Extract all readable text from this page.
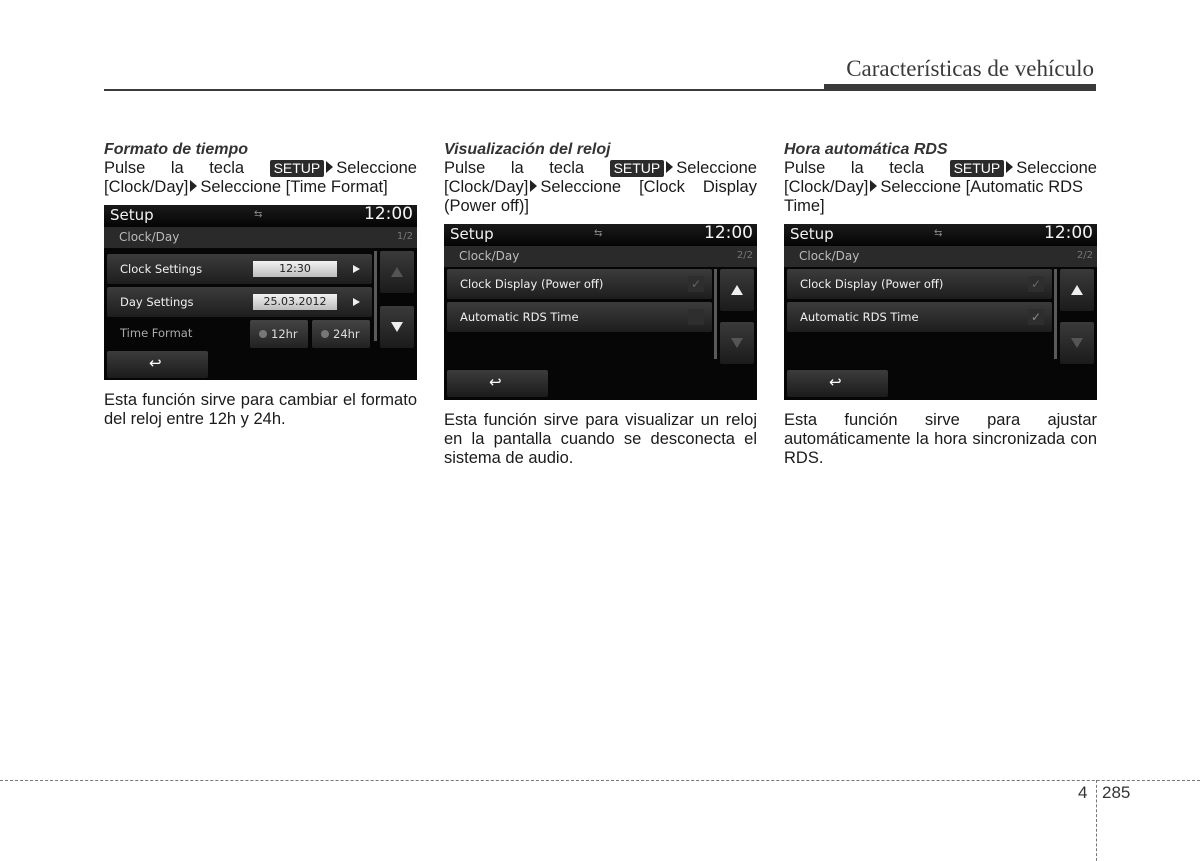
Características de vehículo
Formato de tiempo
Pulse la tecla SETUP Seleccione
[Clock/Day] Seleccione [Time Format]
Setup	⇆	12:00
Clock/Day	1/2
Clock Settings	12:30
Day Settings	25.03.2012
Time Format	12hr	24hr
↩

Esta función sirve para cambiar el formato del reloj entre 12h y 24h.

Visualización del reloj
Pulse la tecla SETUP Seleccione
[Clock/Day] Seleccione [Clock Display
(Power off)]
Setup	⇆	12:00
Clock/Day	2/2
Clock Display (Power off)	✓
Automatic RDS Time
↩

Esta función sirve para visualizar un reloj en la pantalla cuando se desconecta el sistema de audio.

Hora automática RDS
Pulse la tecla SETUP Seleccione
[Clock/Day] Seleccione [Automatic RDS
Time]
Setup	⇆	12:00
Clock/Day	2/2
Clock Display (Power off)	✓
Automatic RDS Time	✓
↩

Esta función sirve para ajustar automáticamente la hora sincronizada con RDS.

4 285
